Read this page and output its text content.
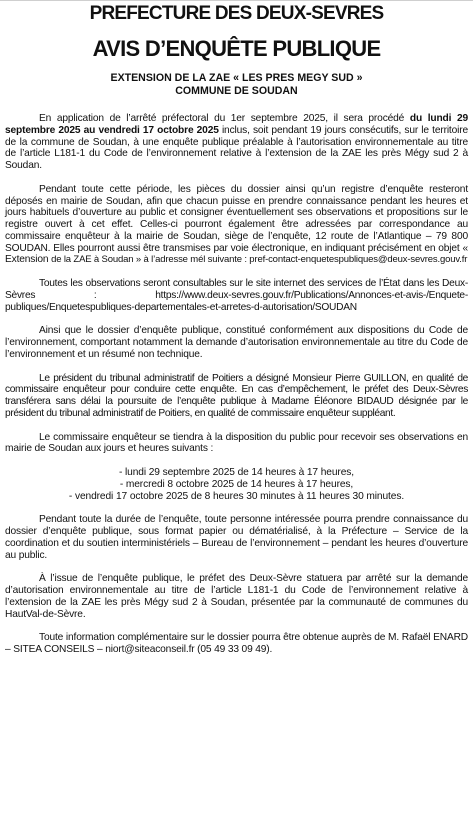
PREFECTURE DES DEUX-SEVRES
AVIS D’ENQUÊTE PUBLIQUE
EXTENSION DE LA ZAE « LES PRES MEGY SUD »
COMMUNE DE SOUDAN

En application de l’arrêté préfectoral du 1er septembre 2025, il sera procédé du lundi 29 septembre 2025 au vendredi 17 octobre 2025 inclus, soit pendant 19 jours consécutifs, sur le territoire de la commune de Soudan, à une enquête publique préalable à l’autorisation environnementale au titre de l’article L181-1 du Code de l’environnement relative à l’extension de la ZAE les près Mégy sud 2 à Soudan.

Pendant toute cette période, les pièces du dossier ainsi qu’un registre d’enquête resteront déposés en mairie de Soudan, afin que chacun puisse en prendre connaissance pendant les heures et jours habituels d’ouverture au public et consigner éventuellement ses observations et propositions sur le registre ouvert à cet effet. Celles-ci pourront également être adressées par correspondance au commissaire enquêteur à la mairie de Soudan, siège de l’enquête, 12 route de l’Atlantique – 79 800 SOUDAN. Elles pourront aussi être transmises par voie électronique, en indiquant précisément en objet « Extension de la ZAE à Soudan » à l’adresse mél suivante : pref-contact-enquetespubliques@deux-sevres.gouv.fr

Toutes les observations seront consultables sur le site internet des services de l’État dans les Deux-Sèvres : https://www.deux-sevres.gouv.fr/Publications/Annonces-et-avis-/Enquete-publiques/Enquetespubliques-departementales-et-arretes-d-autorisation/SOUDAN

Ainsi que le dossier d’enquête publique, constitué conformément aux dispositions du Code de l’environnement, comportant notamment la demande d’autorisation environnementale au titre du Code de l’environnement et un résumé non technique.

Le président du tribunal administratif de Poitiers a désigné Monsieur Pierre GUILLON, en qualité de commissaire enquêteur pour conduire cette enquête. En cas d’empêchement, le préfet des Deux-Sèvres transférera sans délai la poursuite de l’enquête publique à Madame Éléonore BIDAUD désignée par le président du tribunal administratif de Poitiers, en qualité de commissaire enquêteur suppléant.

Le commissaire enquêteur se tiendra à la disposition du public pour recevoir ses observations en mairie de Soudan aux jours et heures suivants :

- lundi 29 septembre 2025 de 14 heures à 17 heures,
- mercredi 8 octobre 2025 de 14 heures à 17 heures,
- vendredi 17 octobre 2025 de 8 heures 30 minutes à 11 heures 30 minutes.

Pendant toute la durée de l’enquête, toute personne intéressée pourra prendre connaissance du dossier d’enquête publique, sous format papier ou dématérialisé, à la Préfecture – Service de la coordination et du soutien interministériels – Bureau de l’environnement – pendant les heures d’ouverture au public.

À l’issue de l’enquête publique, le préfet des Deux-Sèvre statuera par arrêté sur la demande d’autorisation environnementale au titre de l’article L181-1 du Code de l’environnement relative à l’extension de la ZAE les près Mégy sud 2 à Soudan, présentée par la communauté de communes du HautVal-de-Sèvre.

Toute information complémentaire sur le dossier pourra être obtenue auprès de M. Rafaël ENARD – SITEA CONSEILS – niort@siteaconseil.fr (05 49 33 09 49).
